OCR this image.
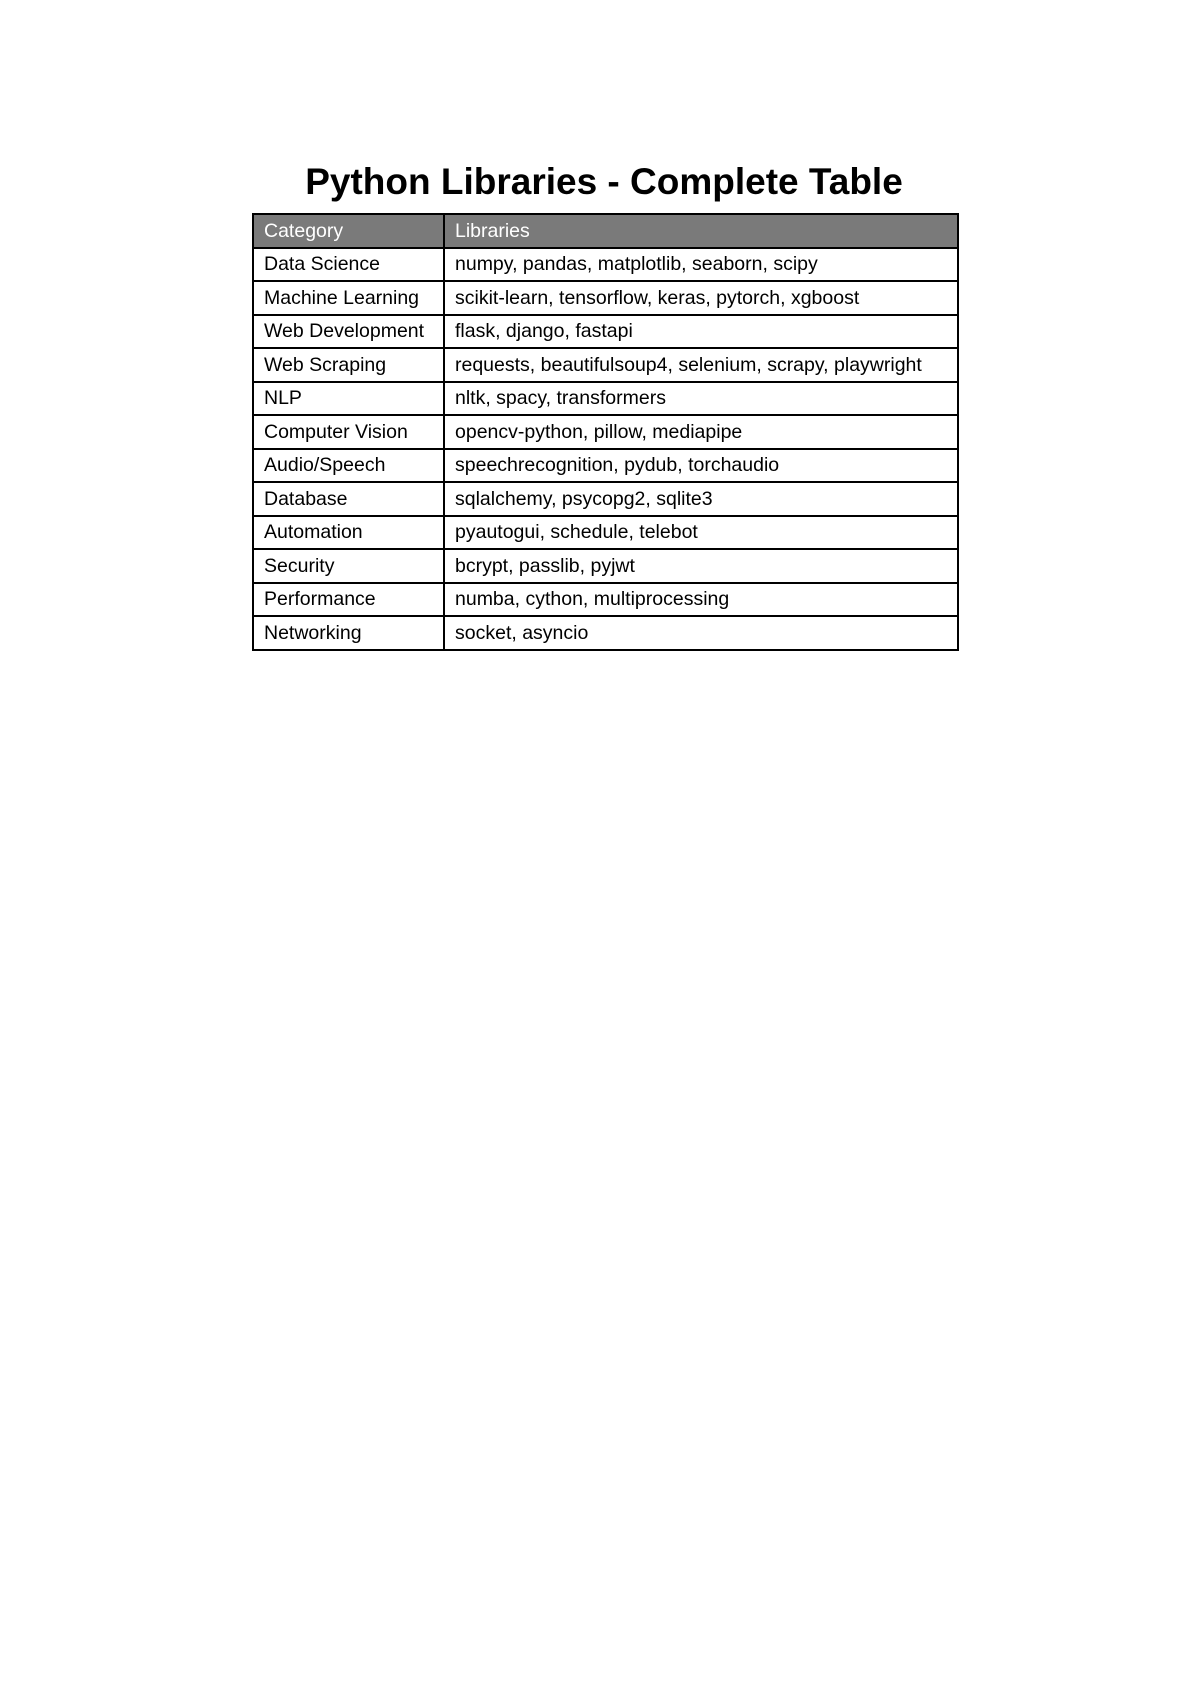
Python Libraries - Complete Table
Category	Libraries
Data Science	numpy, pandas, matplotlib, seaborn, scipy
Machine Learning	scikit-learn, tensorflow, keras, pytorch, xgboost
Web Development	flask, django, fastapi
Web Scraping	requests, beautifulsoup4, selenium, scrapy, playwright
NLP	nltk, spacy, transformers
Computer Vision	opencv-python, pillow, mediapipe
Audio/Speech	speechrecognition, pydub, torchaudio
Database	sqlalchemy, psycopg2, sqlite3
Automation	pyautogui, schedule, telebot
Security	bcrypt, passlib, pyjwt
Performance	numba, cython, multiprocessing
Networking	socket, asyncio
